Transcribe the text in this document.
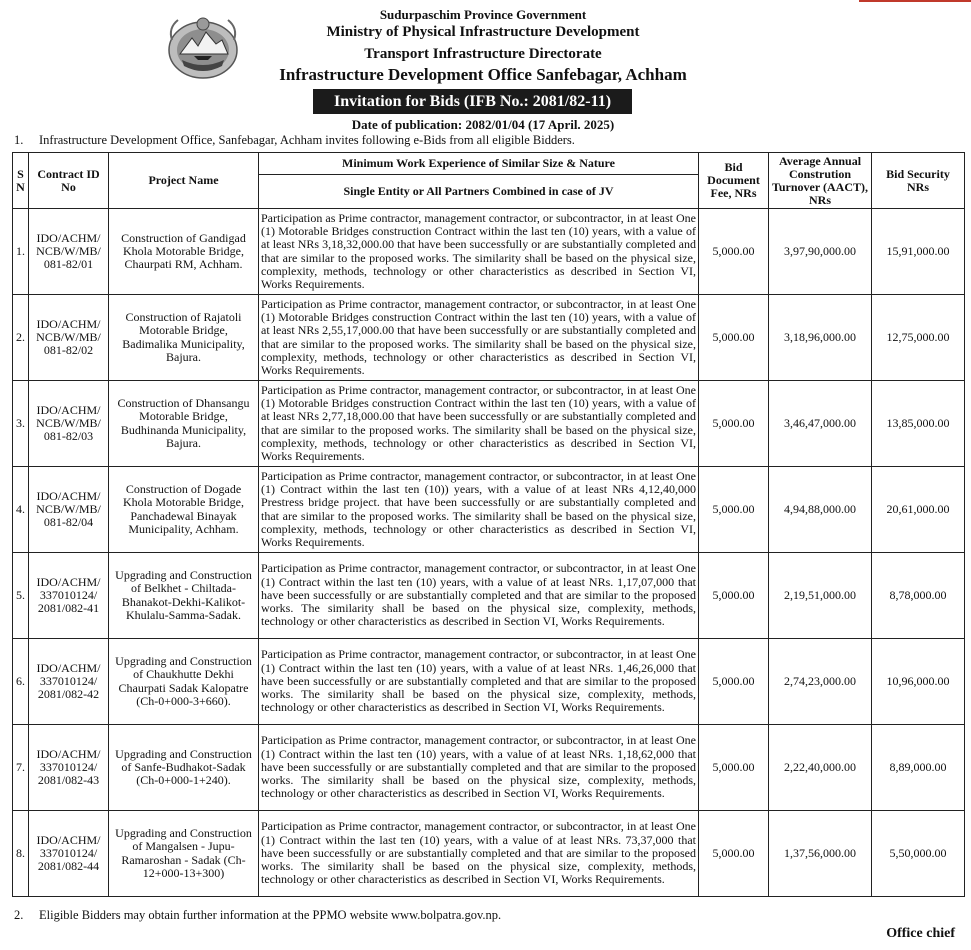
Sudurpaschim Province Government
Ministry of Physical Infrastructure Development
Transport Infrastructure Directorate
Infrastructure Development Office Sanfebagar, Achham
Invitation for Bids (IFB No.: 2081/82-11)
Date of publication: 2082/01/04 (17 April. 2025)
1. Infrastructure Development Office, Sanfebagar, Achham invites following e-Bids from all eligible Bidders.
S N	Contract ID No	Project Name	Minimum Work Experience of Similar Size & Nature	Bid Document Fee, NRs	Average Annual Constrution Turnover (AACT), NRs	Bid Security NRs
			Single Entity or All Partners Combined in case of JV			
1.	IDO/ACHM/ NCB/W/MB/ 081-82/01	Construction of Gandigad Khola Motorable Bridge, Chaurpati RM, Achham.	Participation as Prime contractor, management contractor, or subcontractor, in at least One (1) Motorable Bridges construction Contract within the last ten (10) years, with a value of at least NRs 3,18,32,000.00 that have been successfully or are substantially completed and that are similar to the proposed works. The similarity shall be based on the physical size, complexity, methods, technology or other characteristics as described in Section VI, Works Requirements.	5,000.00	3,97,90,000.00	15,91,000.00
2.	IDO/ACHM/ NCB/W/MB/ 081-82/02	Construction of Rajatoli Motorable Bridge, Badimalika Municipality, Bajura.	Participation as Prime contractor, management contractor, or subcontractor, in at least One (1) Motorable Bridges construction Contract within the last ten (10) years, with a value of at least NRs 2,55,17,000.00 that have been successfully or are substantially completed and that are similar to the proposed works. The similarity shall be based on the physical size, complexity, methods, technology or other characteristics as described in Section VI, Works Requirements.	5,000.00	3,18,96,000.00	12,75,000.00
3.	IDO/ACHM/ NCB/W/MB/ 081-82/03	Construction of Dhansangu Motorable Bridge, Budhinanda Municipality, Bajura.	Participation as Prime contractor, management contractor, or subcontractor, in at least One (1) Motorable Bridges construction Contract within the last ten (10) years, with a value of at least NRs 2,77,18,000.00 that have been successfully or are substantially completed and that are similar to the proposed works. The similarity shall be based on the physical size, complexity, methods, technology or other characteristics as described in Section VI, Works Requirements.	5,000.00	3,46,47,000.00	13,85,000.00
4.	IDO/ACHM/ NCB/W/MB/ 081-82/04	Construction of Dogade Khola Motorable Bridge, Panchadewal Binayak Municipality, Achham.	Participation as Prime contractor, management contractor, or subcontractor, in at least One (1) Contract within the last ten (10)) years, with a value of at least NRs 4,12,40,000 Prestress bridge project. that have been successfully or are substantially completed and that are similar to the proposed works. The similarity shall be based on the physical size, complexity, methods, technology or other characteristics as described in Section VI, Works Requirements.	5,000.00	4,94,88,000.00	20,61,000.00
5.	IDO/ACHM/ 337010124/ 2081/082-41	Upgrading and Construction of Belkhet - Chiltada-Bhanakot-Dekhi-Kalikot-Khulalu-Samma-Sadak.	Participation as Prime contractor, management contractor, or subcontractor, in at least One (1) Contract within the last ten (10) years, with a value of at least NRs. 1,17,07,000 that have been successfully or are substantially completed and that are similar to the proposed works. The similarity shall be based on the physical size, complexity, methods, technology or other characteristics as described in Section VI, Works Requirements.	5,000.00	2,19,51,000.00	8,78,000.00
6.	IDO/ACHM/ 337010124/ 2081/082-42	Upgrading and Construction of Chaukhutte Dekhi Chaurpati Sadak Kalopatre (Ch-0+000-3+660).	Participation as Prime contractor, management contractor, or subcontractor, in at least One (1) Contract within the last ten (10) years, with a value of at least NRs. 1,46,26,000 that have been successfully or are substantially completed and that are similar to the proposed works. The similarity shall be based on the physical size, complexity, methods, technology or other characteristics as described in Section VI, Works Requirements.	5,000.00	2,74,23,000.00	10,96,000.00
7.	IDO/ACHM/ 337010124/ 2081/082-43	Upgrading and Construction of Sanfe-Budhakot-Sadak (Ch-0+000-1+240).	Participation as Prime contractor, management contractor, or subcontractor, in at least One (1) Contract within the last ten (10) years, with a value of at least NRs. 1,18,62,000 that have been successfully or are substantially completed and that are similar to the proposed works. The similarity shall be based on the physical size, complexity, methods, technology or other characteristics as described in Section VI, Works Requirements.	5,000.00	2,22,40,000.00	8,89,000.00
8.	IDO/ACHM/ 337010124/ 2081/082-44	Upgrading and Construction of Mangalsen - Jupu-Ramaroshan - Sadak (Ch-12+000-13+300)	Participation as Prime contractor, management contractor, or subcontractor, in at least One (1) Contract within the last ten (10) years, with a value of at least NRs. 73,37,000 that have been successfully or are substantially completed and that are similar to the proposed works. The similarity shall be based on the physical size, complexity, methods, technology or other characteristics as described in Section VI, Works Requirements.	5,000.00	1,37,56,000.00	5,50,000.00
2. Eligible Bidders may obtain further information at the PPMO website www.bolpatra.gov.np.
Office chief
